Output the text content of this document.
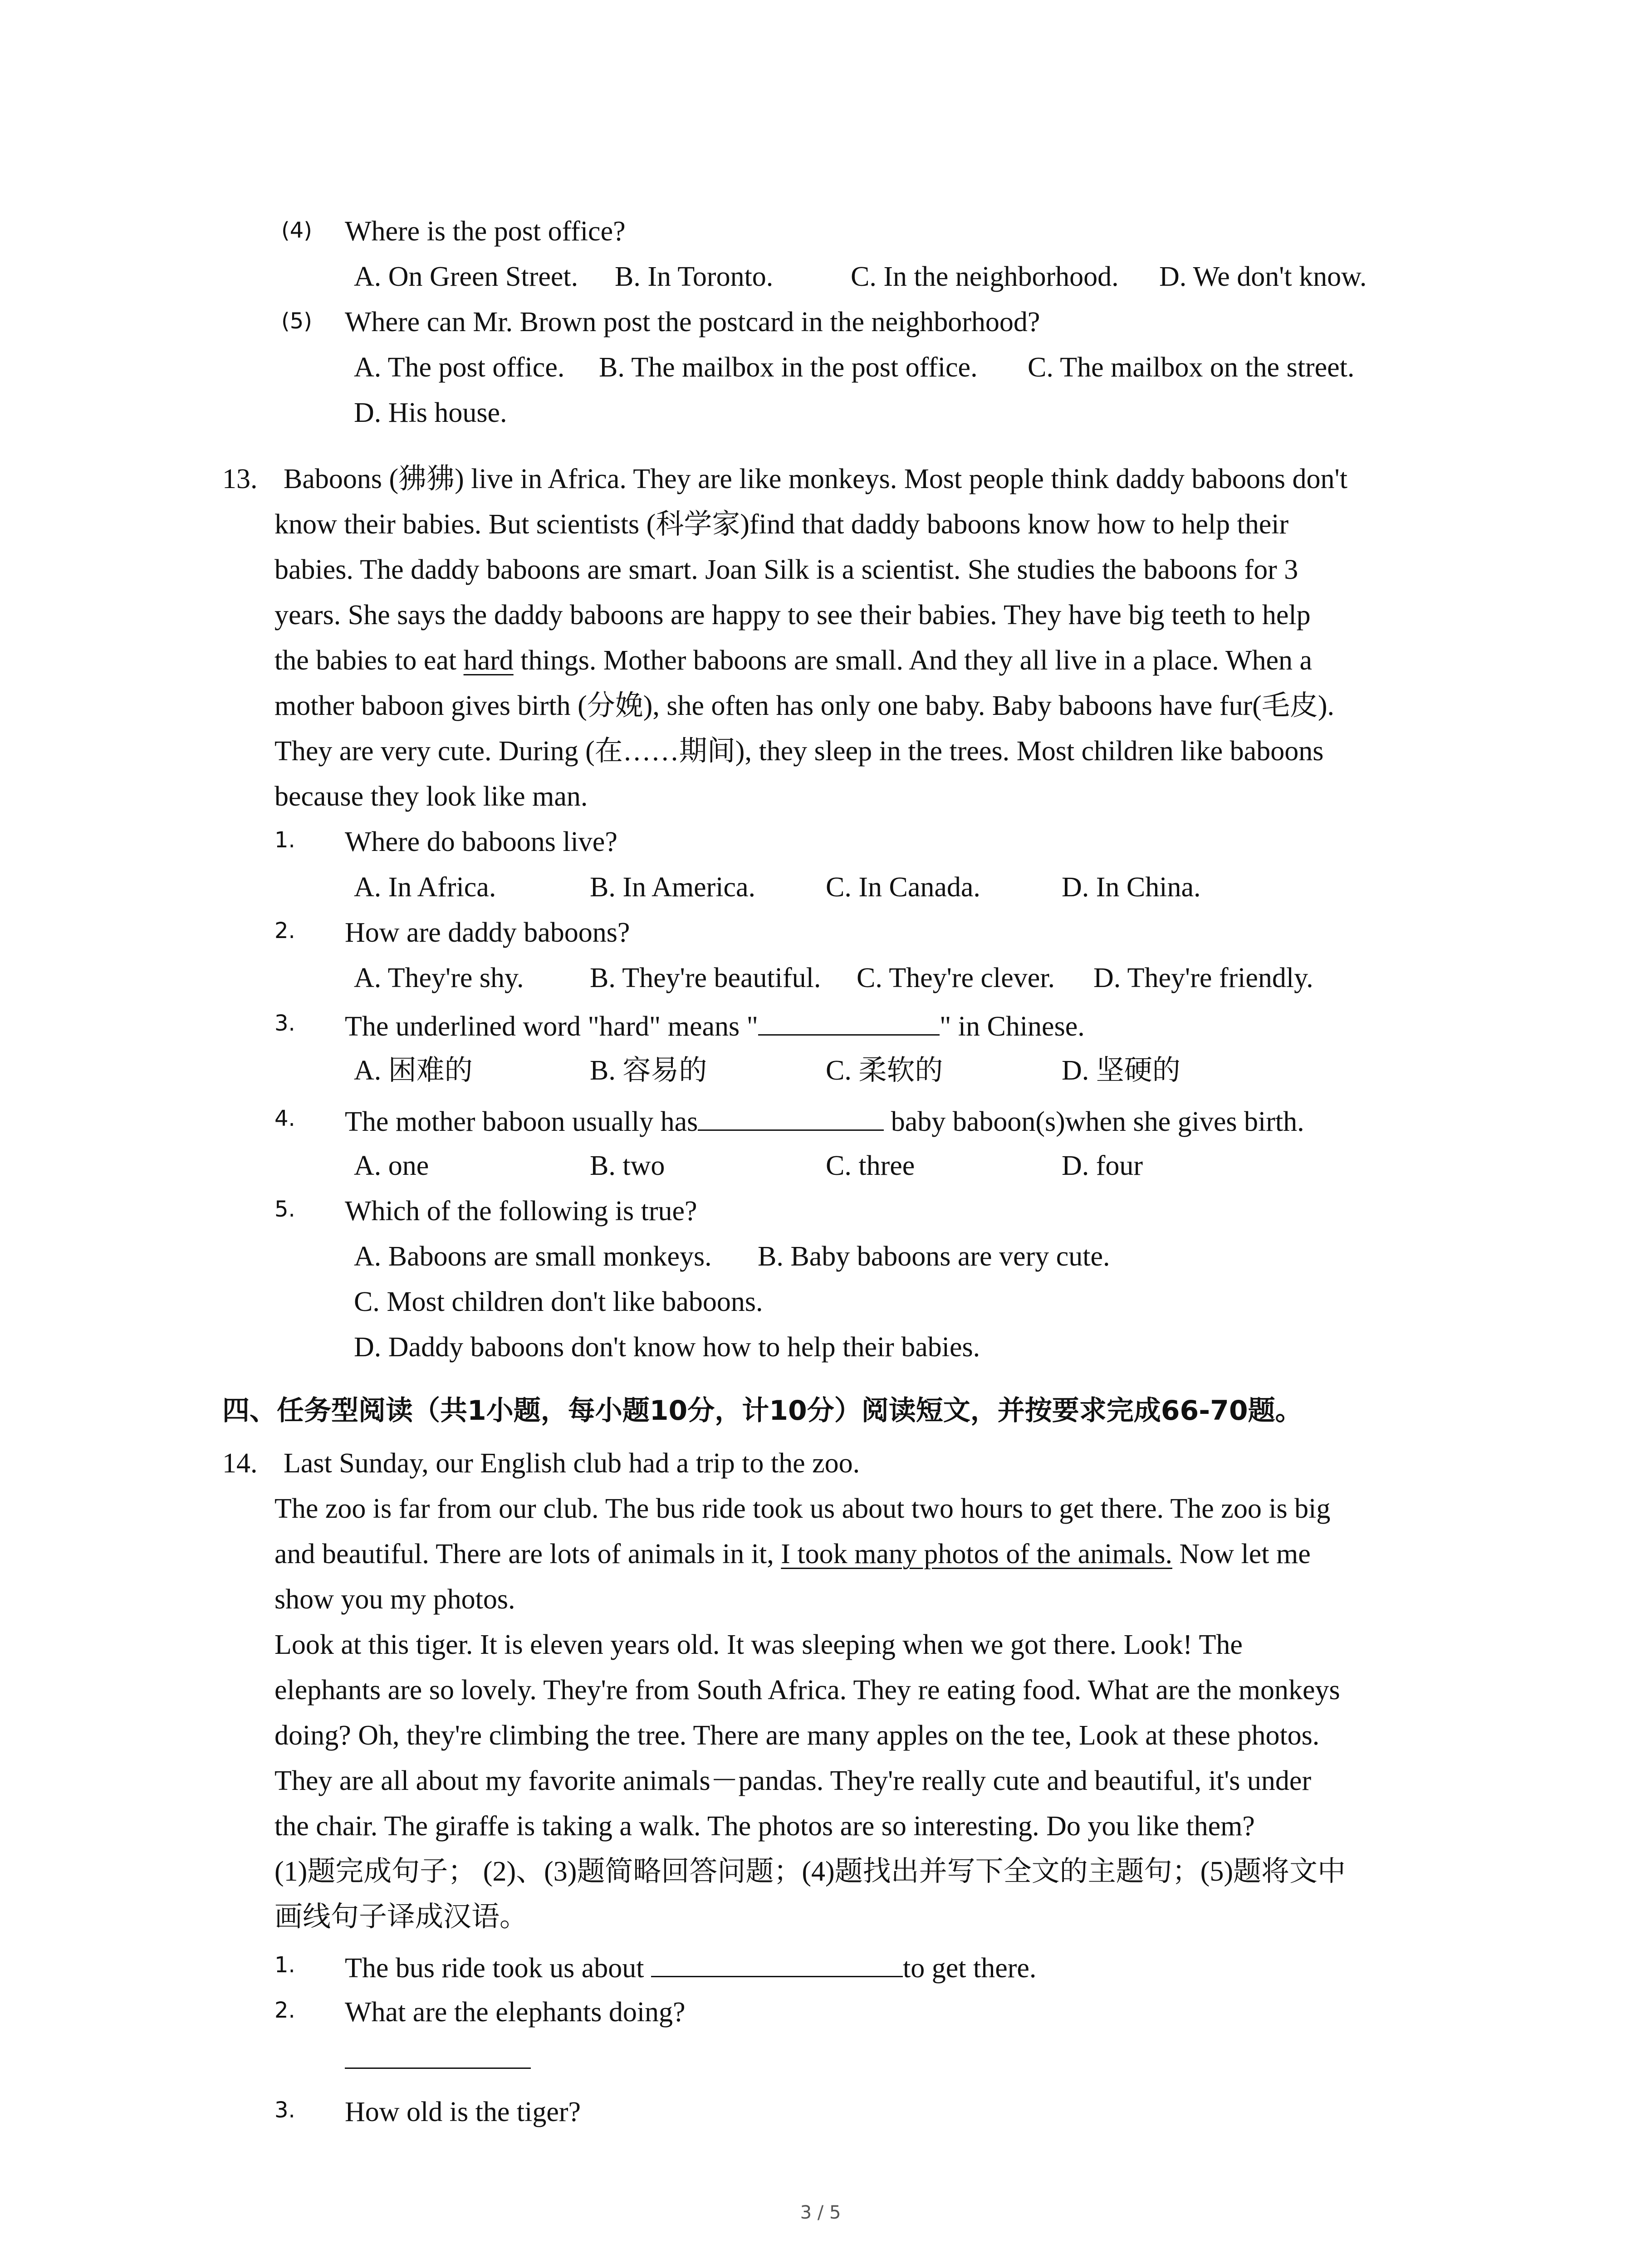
(4) Where is the post office?
A. On Green Street. B. In Toronto.	C. In the neighborhood. D. We don't know.
(5) Where can Mr. Brown post the postcard in the neighborhood?
A. The post office. B. The mailbox in the post office. C. The mailbox on the street.
D. His house.
13. Baboons (狒狒) live in Africa. They are like monkeys. Most people think daddy baboons don't
know their babies. But scientists (科学家)find that daddy baboons know how to help their
babies. The daddy baboons are smart. Joan Silk is a scientist. She studies the baboons for 3
years. She says the daddy baboons are happy to see their babies. They have big teeth to help
the babies to eat hard things. Mother baboons are small. And they all live in a place. When a
mother baboon gives birth (分娩), she often has only one baby. Baby baboons have fur(毛皮).
They are very cute. During (在……期间), they sleep in the trees. Most children like baboons
because they look like man.
1. Where do baboons live?
A. In Africa.	B. In America. C. In Canada.	D. In China.
2. How are daddy baboons?
A. They're shy. B. They're beautiful. C. They're clever. D. They're friendly.
3. The underlined word "hard" means "	" in Chinese.
A. 困难的	B. 容易的	C. 柔软的	D. 坚硬的
4. The mother baboon usually has	baby baboon(s)when she gives birth.
A. one	B. two	C. three	D. four
5. Which of the following is true?
A. Baboons are small monkeys. B. Baby baboons are very cute.
C. Most children don't like baboons.
D. Daddy baboons don't know how to help their babies.
四、任务型阅读（共1小题，每小题10分，计10分）阅读短文，并按要求完成66-70题。
14. Last Sunday, our English club had a trip to the zoo.
The zoo is far from our club. The bus ride took us about two hours to get there. The zoo is big
and beautiful. There are lots of animals in it, I took many photos of the animals. Now let me
show you my photos.
Look at this tiger. It is eleven years old. It was sleeping when we got there. Look! The
elephants are so lovely. They're from South Africa. They re eating food. What are the monkeys
doing? Oh, they're climbing the tree. There are many apples on the tee, Look at these photos.
They are all about my favorite animals－pandas. They're really cute and beautiful, it's under
the chair. The giraffe is taking a walk. The photos are so interesting. Do you like them?
(1)题完成句子； (2)、(3)题简略回答问题；(4)题找出并写下全文的主题句；(5)题将文中
画线句子译成汉语。
1. The bus ride took us about	to get there.
2. What are the elephants doing?
3. How old is the tiger?
3 / 5
